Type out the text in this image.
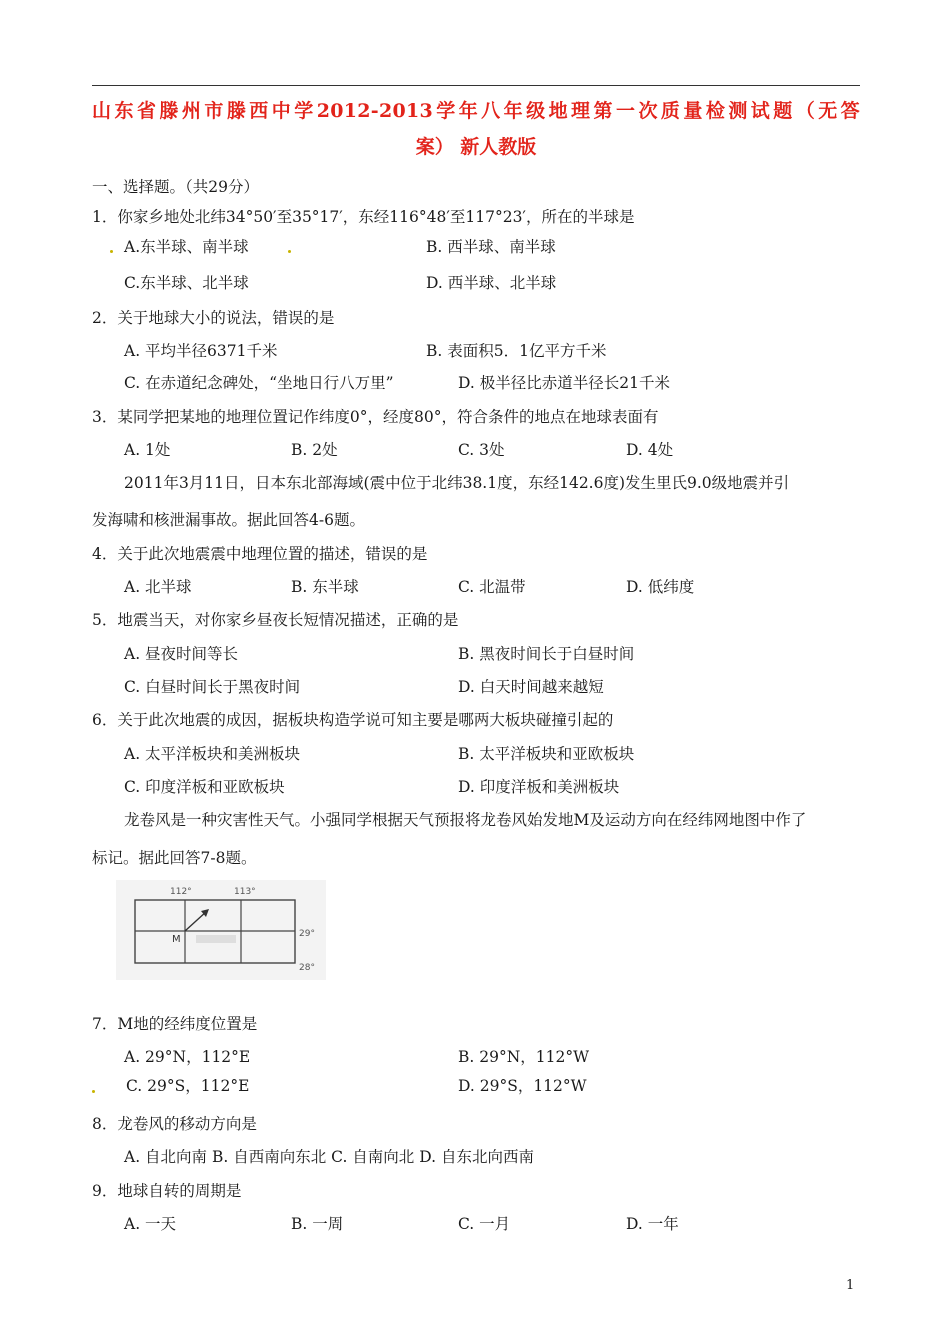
山东省滕州市滕西中学2012-2013学年八年级地理第一次质量检测试题（无答
案） 新人教版
一、选择题。（共29分）
1．你家乡地处北纬34°50′至35°17′，东经116°48′至117°23′，所在的半球是
A.东半球、南半球	B. 西半球、南半球
C.东半球、北半球	D. 西半球、北半球
2．关于地球大小的说法，错误的是
A. 平均半径6371千米	B. 表面积5．1亿平方千米
C. 在赤道纪念碑处，“坐地日行八万里”	D. 极半径比赤道半径长21千米
3．某同学把某地的地理位置记作纬度0°，经度80°，符合条件的地点在地球表面有
A. 1处	B. 2处	C. 3处	D. 4处
2011年3月11日，日本东北部海域(震中位于北纬38.1度，东经142.6度)发生里氏9.0级地震并引
发海啸和核泄漏事故。据此回答4-6题。
4．关于此次地震震中地理位置的描述，错误的是
A. 北半球	B. 东半球	C. 北温带	D. 低纬度
5．地震当天，对你家乡昼夜长短情况描述，正确的是
A. 昼夜时间等长	B. 黑夜时间长于白昼时间
C. 白昼时间长于黑夜时间	D. 白天时间越来越短
6．关于此次地震的成因，据板块构造学说可知主要是哪两大板块碰撞引起的
A. 太平洋板块和美洲板块	B. 太平洋板块和亚欧板块
C. 印度洋板和亚欧板块	D. 印度洋板和美洲板块
龙卷风是一种灾害性天气。小强同学根据天气预报将龙卷风始发地M及运动方向在经纬网地图中作了
标记。据此回答7-8题。
112°	113°
29°
28°
M
7．M地的经纬度位置是
A. 29°N，112°E	B. 29°N，112°W
C. 29°S，112°E	D. 29°S，112°W
8．龙卷风的移动方向是
A. 自北向南 B. 自西南向东北 C. 自南向北 D. 自东北向西南
9．地球自转的周期是
A. 一天	B. 一周	C. 一月	D. 一年
1
